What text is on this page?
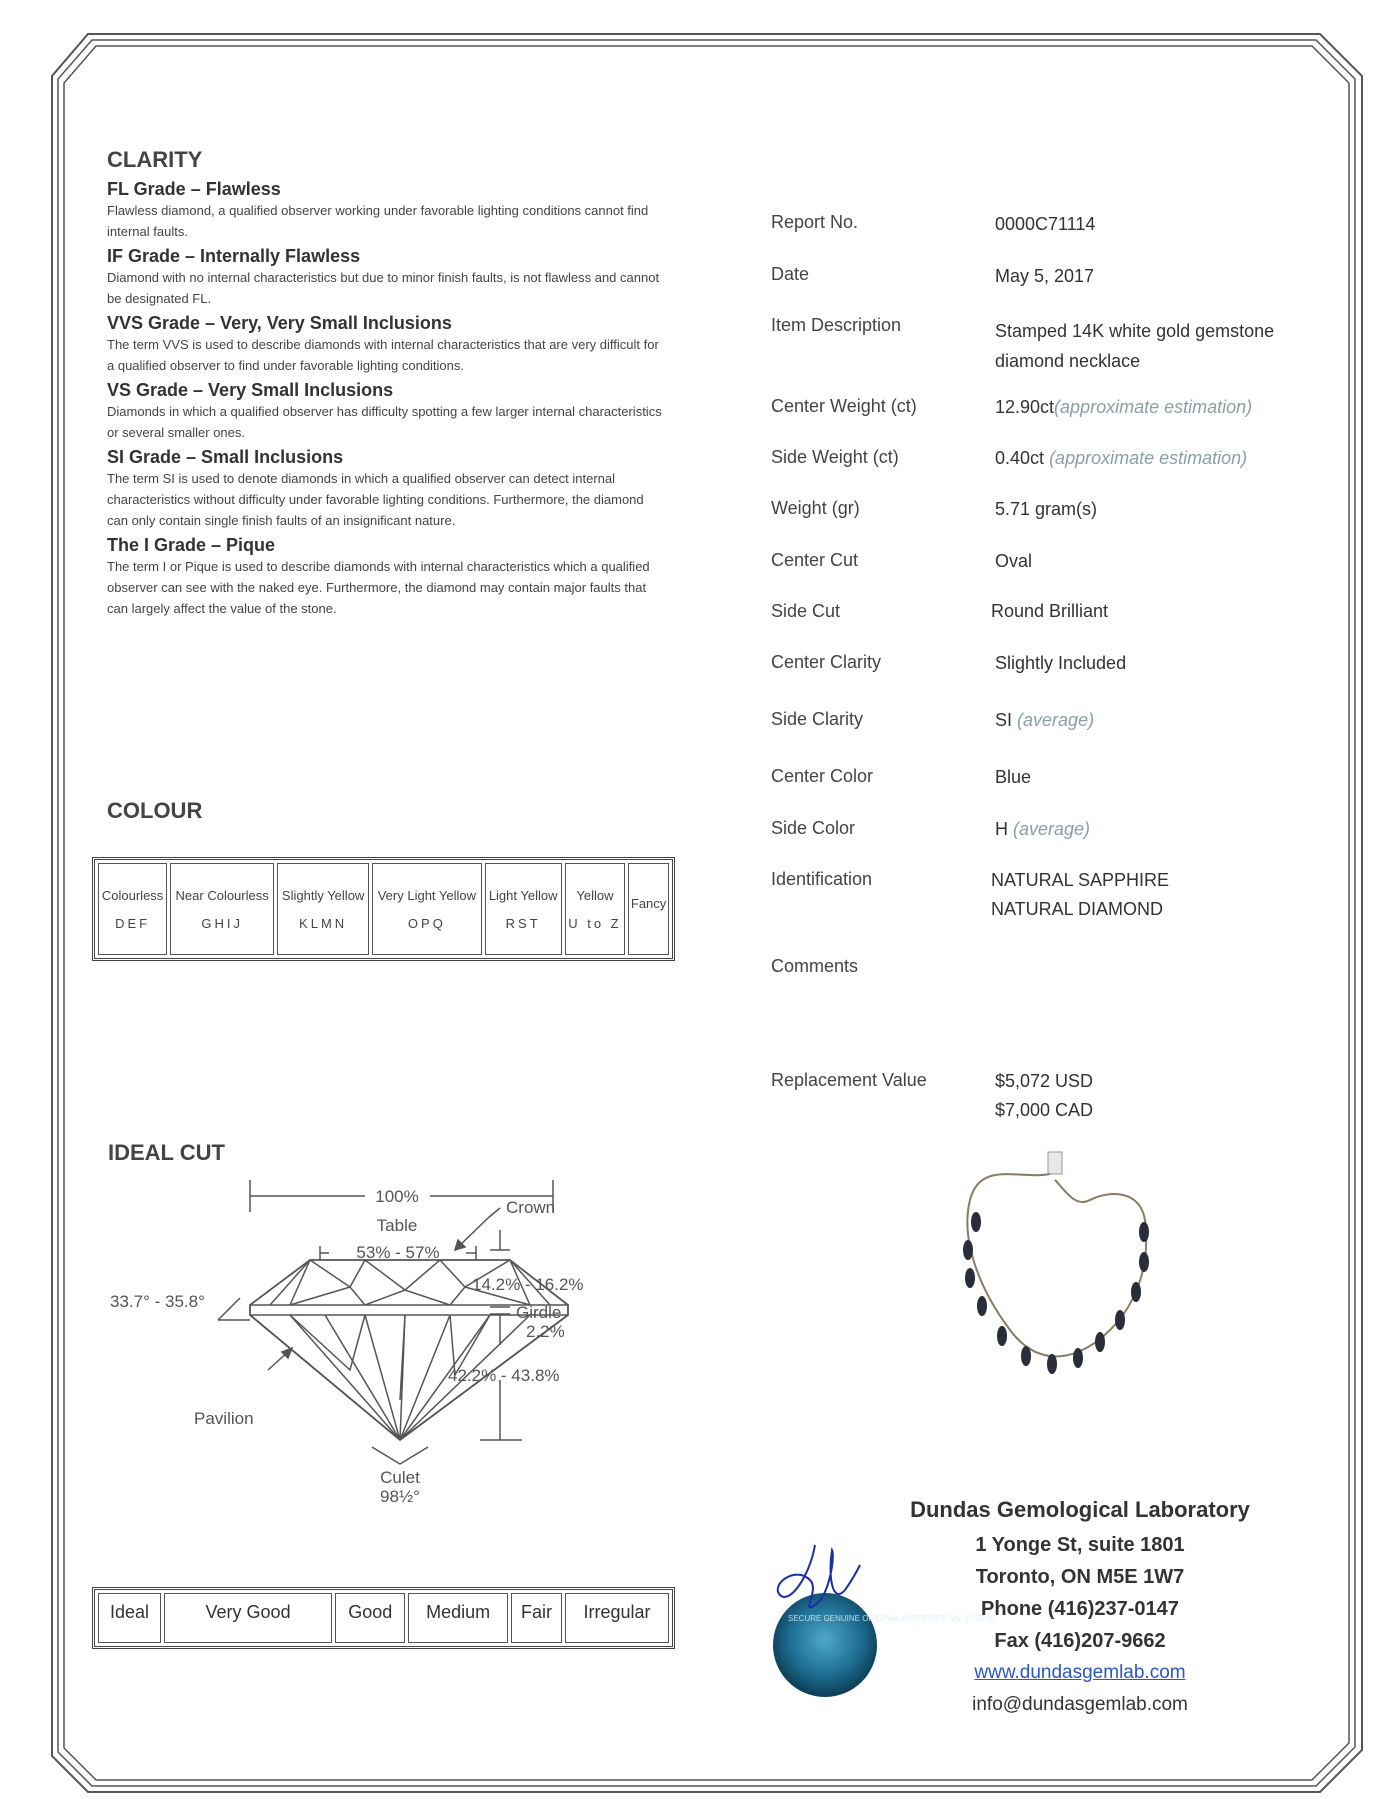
CLARITY

FL Grade – Flawless

Flawless diamond, a qualified observer working under favorable lighting conditions cannot find internal faults.

IF Grade – Internally Flawless

Diamond with no internal characteristics but due to minor finish faults, is not flawless and cannot be designated FL.

VVS Grade – Very, Very Small Inclusions

The term VVS is used to describe diamonds with internal characteristics that are very difficult for a qualified observer to find under favorable lighting conditions.

VS Grade – Very Small Inclusions

Diamonds in which a qualified observer has difficulty spotting a few larger internal characteristics or several smaller ones.

SI Grade – Small Inclusions

The term SI is used to denote diamonds in which a qualified observer can detect internal characteristics without difficulty under favorable lighting conditions. Furthermore, the diamond can only contain single finish faults of an insignificant nature.

The I Grade – Pique

The term I or Pique is used to describe diamonds with internal characteristics which a qualified observer can see with the naked eye. Furthermore, the diamond may contain major faults that can largely affect the value of the stone.

COLOUR
Colourless
DEF

Near Colourless
GHIJ

Slightly Yellow
KLMN

Very Light Yellow
OPQ

Light Yellow
RST

Yellow
U to Z

Fancy
IDEAL CUT
100%
Table
53% - 57%
Crown
33.7° - 35.8°
14.2% - 16.2%
Girdle
2.2%
42.2% - 43.8%
Pavilion
Culet
98½°
Ideal	Very Good	Good	Medium	Fair	Irregular
Report No.	0000C71114
Date	May 5, 2017
Item Description	Stamped 14K white gold gemstone diamond necklace
Center Weight (ct)	12.90ct(approximate estimation)
Side Weight (ct)	0.40ct (approximate estimation)
Weight (gr)	5.71 gram(s)
Center Cut	Oval
Side Cut	Round Brilliant
Center Clarity	Slightly Included
Side Clarity	SI (average)
Center Color	Blue
Side Color	H (average)
Identification	NATURAL SAPPHIRE
NATURAL DIAMOND
Comments
Replacement Value	$5,072 USD
$7,000 CAD
SECURE GENUINE ORIGINAL AUTHENTIC VALID SEAL
Dundas Gemological Laboratory
1 Yonge St, suite 1801
Toronto, ON M5E 1W7
Phone (416)237-0147
Fax (416)207-9662
www.dundasgemlab.com
info@dundasgemlab.com
